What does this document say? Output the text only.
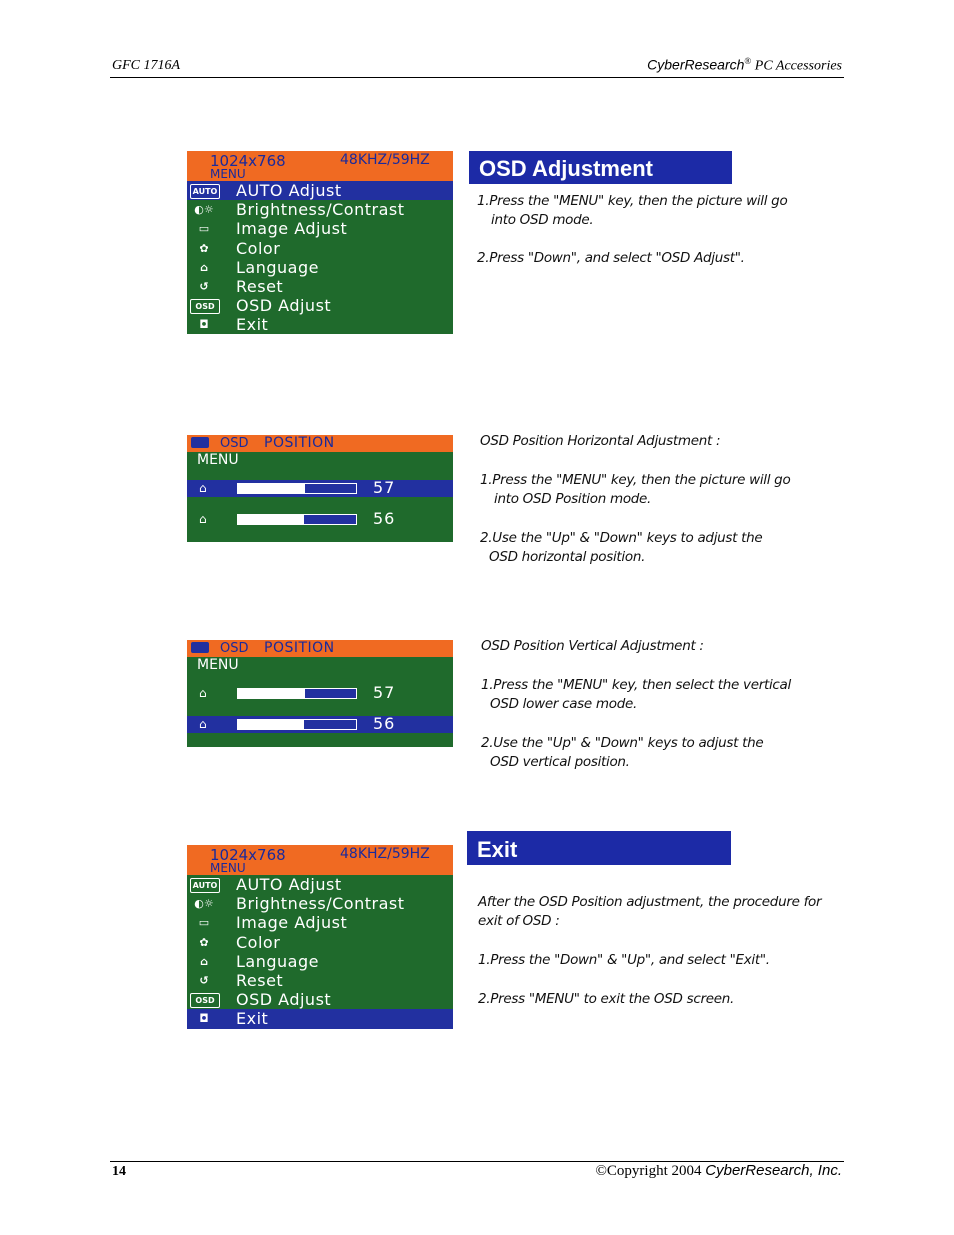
GFC 1716A	CyberResearch® PC Accessories
1024x768	48KHZ/59HZ
MENU
AUTO AUTO Adjust
◐☼ Brightness/Contrast
▭	Image Adjust
✿	Color
⌂	Language
↺	Reset
OSD	OSD Adjust
◘	Exit
OSD Adjustment
1.Press the "MENU" key, then the picture will go
into OSD mode.
2.Press "Down", and select "OSD Adjust".
OSD POSITION
MENU
⌂	57
⌂	56
OSD Position Horizontal Adjustment :
1.Press the "MENU" key, then the picture will go
into OSD Position mode.
2.Use the "Up" & "Down" keys to adjust the
OSD horizontal position.
OSD POSITION
MENU
⌂	57
⌂	56
OSD Position Vertical Adjustment :
1.Press the "MENU" key, then select the vertical
OSD lower case mode.
2.Use the "Up" & "Down" keys to adjust the
OSD vertical position.
1024x768	48KHZ/59HZ
MENU
AUTO AUTO Adjust
◐☼ Brightness/Contrast
▭	Image Adjust
✿	Color
⌂	Language
↺	Reset
OSD	OSD Adjust
◘	Exit
Exit
After the OSD Position adjustment, the procedure for
exit of OSD :
1.Press the "Down" & "Up", and select "Exit".
2.Press "MENU" to exit the OSD screen.
14	©Copyright 2004 CyberResearch, Inc.
